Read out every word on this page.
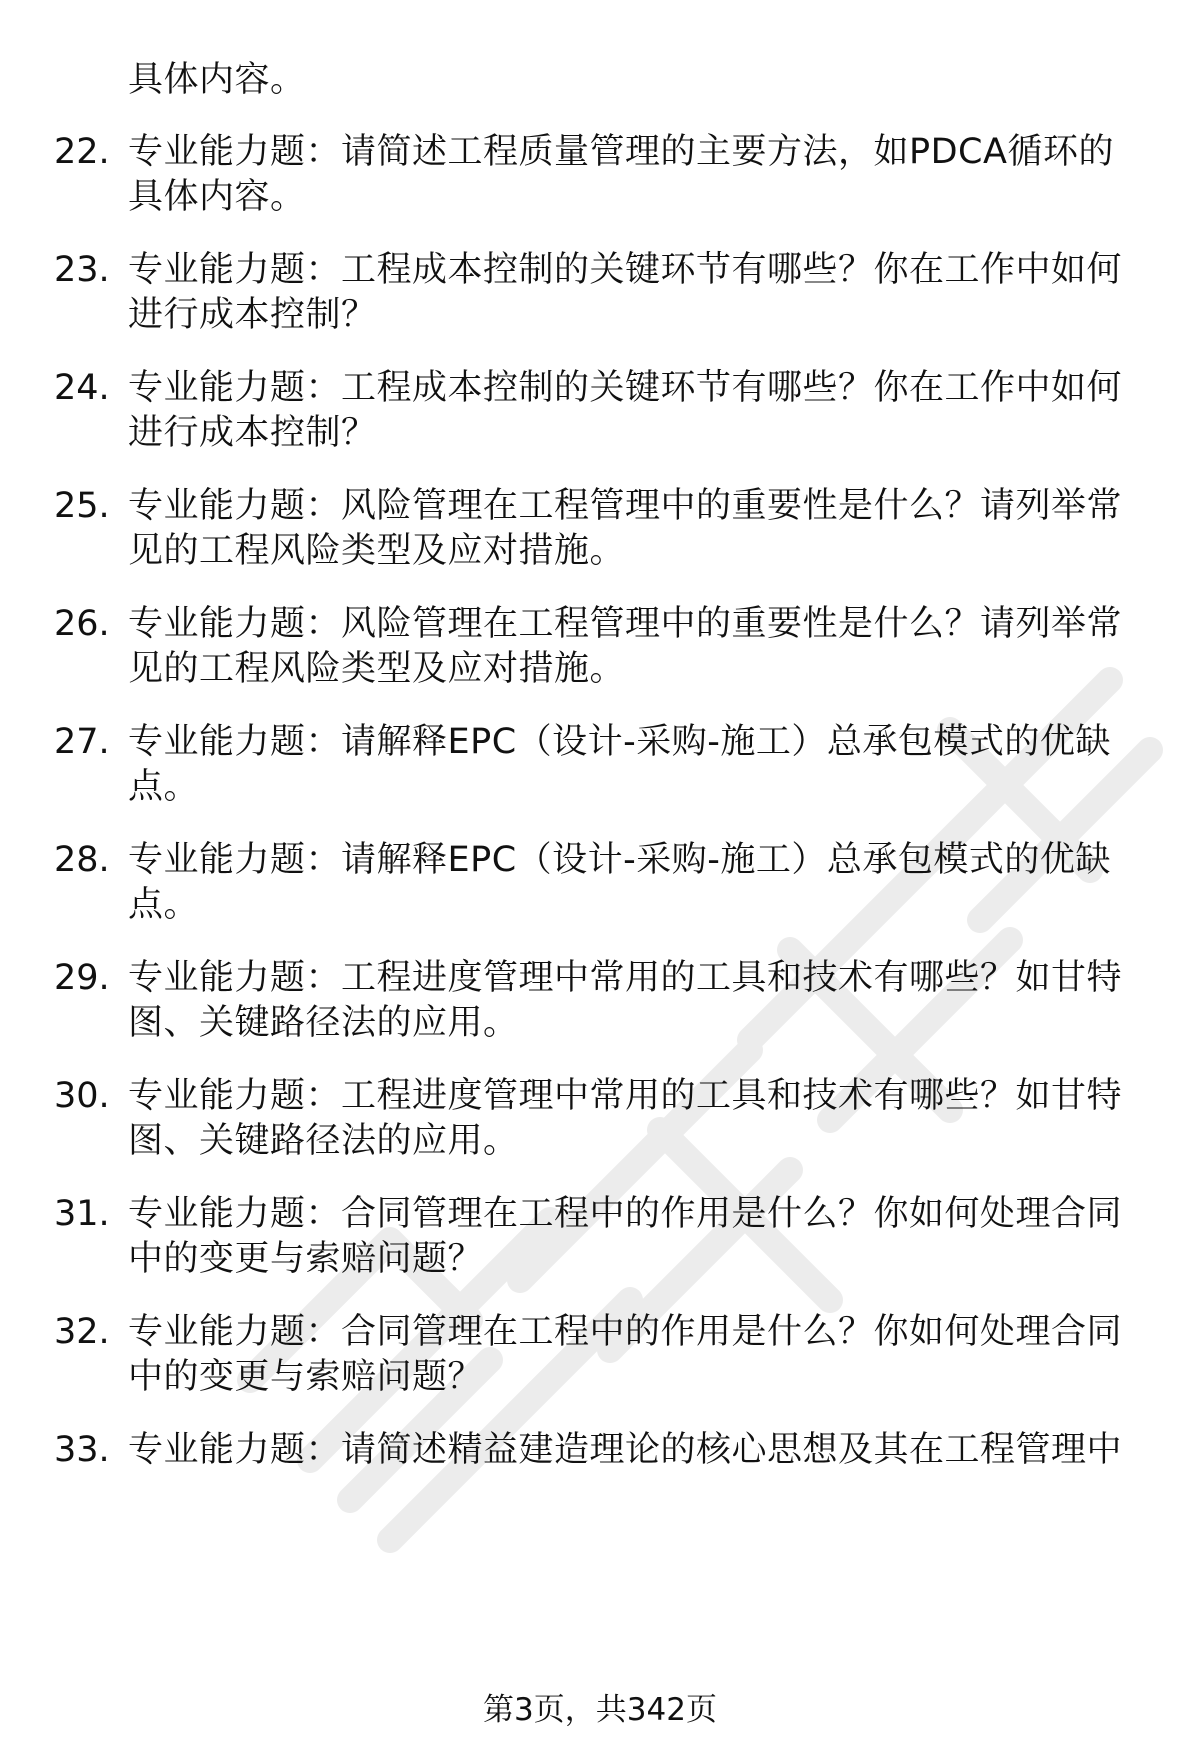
具体内容。
22. 专业能力题：请简述工程质量管理的主要方法，如PDCA循环的
具体内容。
23. 专业能力题：工程成本控制的关键环节有哪些？你在工作中如何
进行成本控制？
24. 专业能力题：工程成本控制的关键环节有哪些？你在工作中如何
进行成本控制？
25. 专业能力题：风险管理在工程管理中的重要性是什么？请列举常
见的工程风险类型及应对措施。
26. 专业能力题：风险管理在工程管理中的重要性是什么？请列举常
见的工程风险类型及应对措施。
27. 专业能力题：请解释EPC（设计-采购-施工）总承包模式的优缺
点。
28. 专业能力题：请解释EPC（设计-采购-施工）总承包模式的优缺
点。
29. 专业能力题：工程进度管理中常用的工具和技术有哪些？如甘特
图、关键路径法的应用。
30. 专业能力题：工程进度管理中常用的工具和技术有哪些？如甘特
图、关键路径法的应用。
31. 专业能力题：合同管理在工程中的作用是什么？你如何处理合同
中的变更与索赔问题？
32. 专业能力题：合同管理在工程中的作用是什么？你如何处理合同
中的变更与索赔问题？
33. 专业能力题：请简述精益建造理论的核心思想及其在工程管理中
第3页，共342页
